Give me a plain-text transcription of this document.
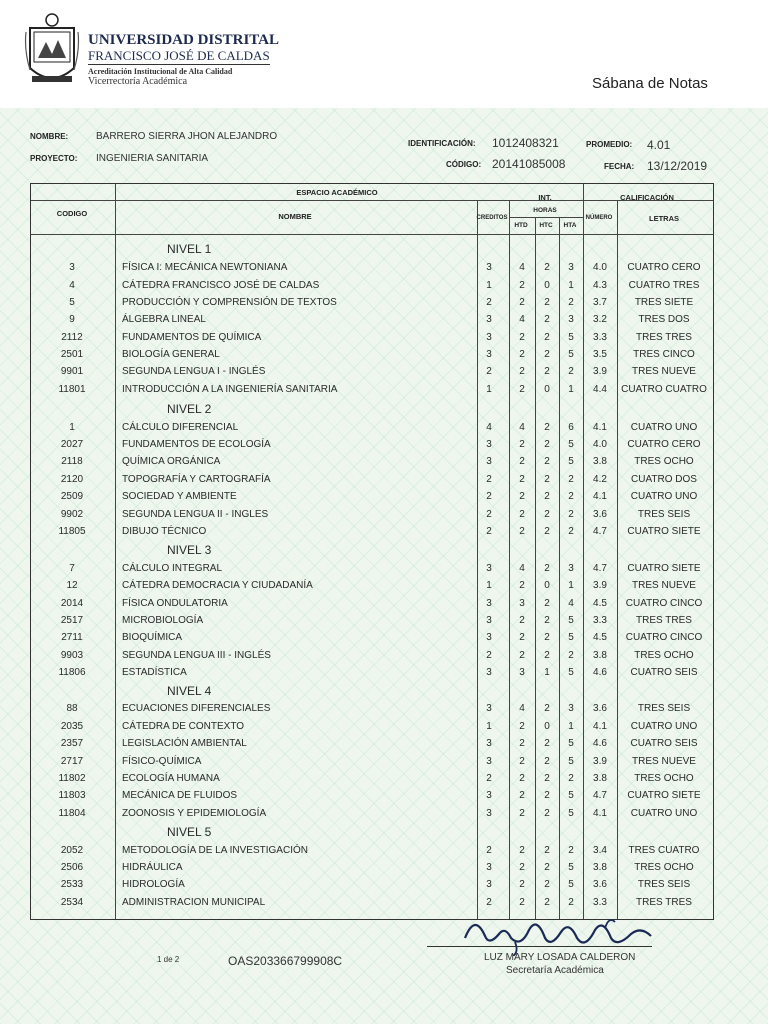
UNIVERSIDAD DISTRITAL
FRANCISCO JOSÉ DE CALDAS
Acreditación Institucional de Alta Calidad
Vicerrectoría Académica	Sábana de Notas
NOMBRE:	BARRERO SIERRA JHON ALEJANDRO
PROYECTO: INGENIERIA SANITARIA
IDENTIFICACIÓN: 1012408321
CÓDIGO: 20141085008
PROMEDIO: 4.01
FECHA: 13/12/2019
ESPACIO ACADÉMICO
CODIGO	NOMBRE	CREDITOS
INT.
HORAS
HTD	HTC	HTA
CALIFICACIÓN
NÚMERO	LETRAS
NIVEL 1
3	FÍSICA I: MECÁNICA NEWTONIANA	3	4	2	3	4.0	CUATRO CERO
4	CÁTEDRA FRANCISCO JOSÉ DE CALDAS	1	2	0	1	4.3	CUATRO TRES
5	PRODUCCIÓN Y COMPRENSIÓN DE TEXTOS	2	2	2	2	3.7	TRES SIETE
9	ÁLGEBRA LINEAL	3	4	2	3	3.2	TRES DOS
2112	FUNDAMENTOS DE QUÍMICA	3	2	2	5	3.3	TRES TRES
2501	BIOLOGÍA GENERAL	3	2	2	5	3.5	TRES CINCO
9901	SEGUNDA LENGUA I - INGLÉS	2	2	2	2	3.9	TRES NUEVE
11801	INTRODUCCIÓN A LA INGENIERÍA SANITARIA	1	2	0	1	4.4	CUATRO CUATRO
NIVEL 2
1	CÁLCULO DIFERENCIAL	4	4	2	6	4.1	CUATRO UNO
2027	FUNDAMENTOS DE ECOLOGÍA	3	2	2	5	4.0	CUATRO CERO
2118	QUÍMICA ORGÁNICA	3	2	2	5	3.8	TRES OCHO
2120	TOPOGRAFÍA Y CARTOGRAFÍA	2	2	2	2	4.2	CUATRO DOS
2509	SOCIEDAD Y AMBIENTE	2	2	2	2	4.1	CUATRO UNO
9902	SEGUNDA LENGUA II - INGLES	2	2	2	2	3.6	TRES SEIS
11805	DIBUJO TÉCNICO	2	2	2	2	4.7	CUATRO SIETE
NIVEL 3
7	CÁLCULO INTEGRAL	3	4	2	3	4.7	CUATRO SIETE
12	CÁTEDRA DEMOCRACIA Y CIUDADANÍA	1	2	0	1	3.9	TRES NUEVE
2014	FÍSICA ONDULATORIA	3	3	2	4	4.5	CUATRO CINCO
2517	MICROBIOLOGÍA	3	2	2	5	3.3	TRES TRES
2711	BIOQUÍMICA	3	2	2	5	4.5	CUATRO CINCO
9903	SEGUNDA LENGUA III - INGLÉS	2	2	2	2	3.8	TRES OCHO
11806	ESTADÍSTICA	3	3	1	5	4.6	CUATRO SEIS
NIVEL 4
88	ECUACIONES DIFERENCIALES	3	4	2	3	3.6	TRES SEIS
2035	CÁTEDRA DE CONTEXTO	1	2	0	1	4.1	CUATRO UNO
2357	LEGISLACIÓN AMBIENTAL	3	2	2	5	4.6	CUATRO SEIS
2717	FÍSICO-QUÍMICA	3	2	2	5	3.9	TRES NUEVE
11802	ECOLOGÍA HUMANA	2	2	2	2	3.8	TRES OCHO
11803	MECÁNICA DE FLUIDOS	3	2	2	5	4.7	CUATRO SIETE
11804	ZOONOSIS Y EPIDEMIOLOGÍA	3	2	2	5	4.1	CUATRO UNO
NIVEL 5
2052	METODOLOGÍA DE LA INVESTIGACIÓN	2	2	2	2	3.4	TRES CUATRO
2506	HIDRÁULICA	3	2	2	5	3.8	TRES OCHO
2533	HIDROLOGÍA	3	2	2	5	3.6	TRES SEIS
2534	ADMINISTRACION MUNICIPAL	2	2	2	2	3.3	TRES TRES
1 de 2	OAS203366799908C	LUZ MARY LOSADA CALDERON
Secretaría Académica
